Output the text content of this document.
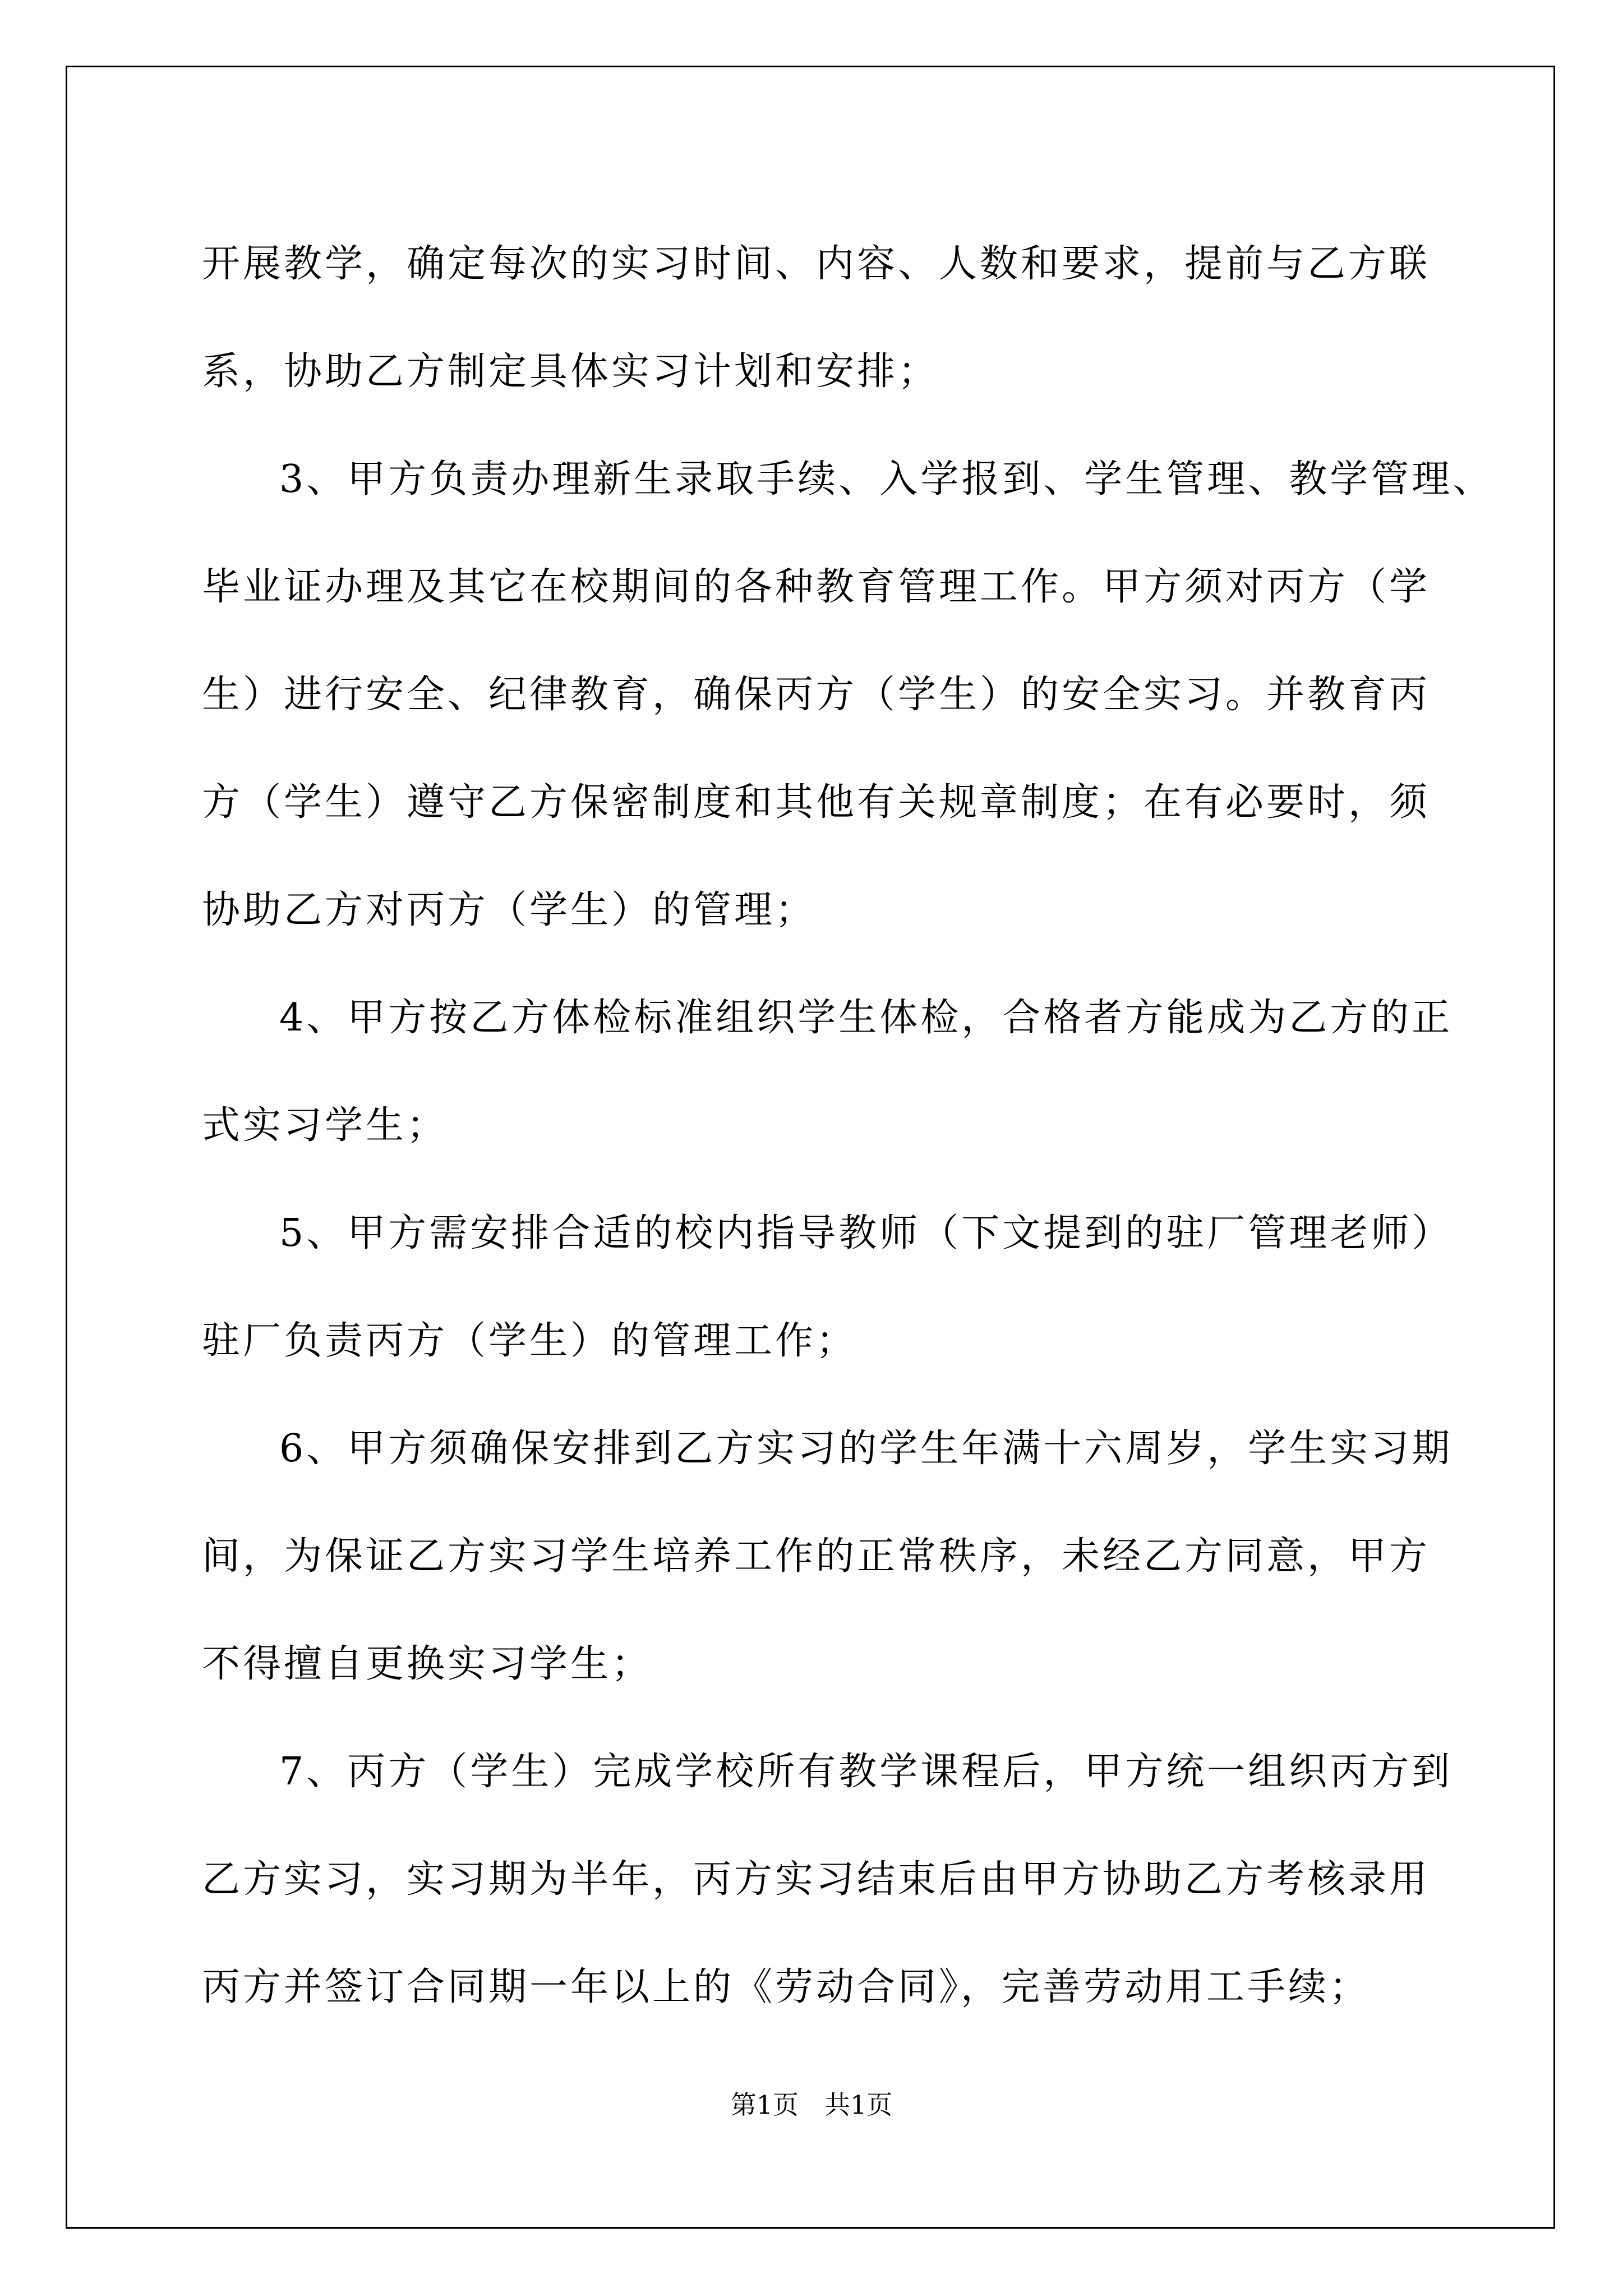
开展教学，确定每次的实习时间、内容、人数和要求，提前与乙方联
系，协助乙方制定具体实习计划和安排；
3、甲方负责办理新生录取手续、入学报到、学生管理、教学管理、
毕业证办理及其它在校期间的各种教育管理工作。甲方须对丙方（学
生）进行安全、纪律教育，确保丙方（学生）的安全实习。并教育丙
方（学生）遵守乙方保密制度和其他有关规章制度；在有必要时，须
协助乙方对丙方（学生）的管理；
4、甲方按乙方体检标准组织学生体检，合格者方能成为乙方的正
式实习学生；
5、甲方需安排合适的校内指导教师（下文提到的驻厂管理老师）
驻厂负责丙方（学生）的管理工作；
6、甲方须确保安排到乙方实习的学生年满十六周岁，学生实习期
间，为保证乙方实习学生培养工作的正常秩序，未经乙方同意，甲方
不得擅自更换实习学生；
7、丙方（学生）完成学校所有教学课程后，甲方统一组织丙方到
乙方实习，实习期为半年，丙方实习结束后由甲方协助乙方考核录用
丙方并签订合同期一年以上的《劳动合同》，完善劳动用工手续；
第1页 共1页
